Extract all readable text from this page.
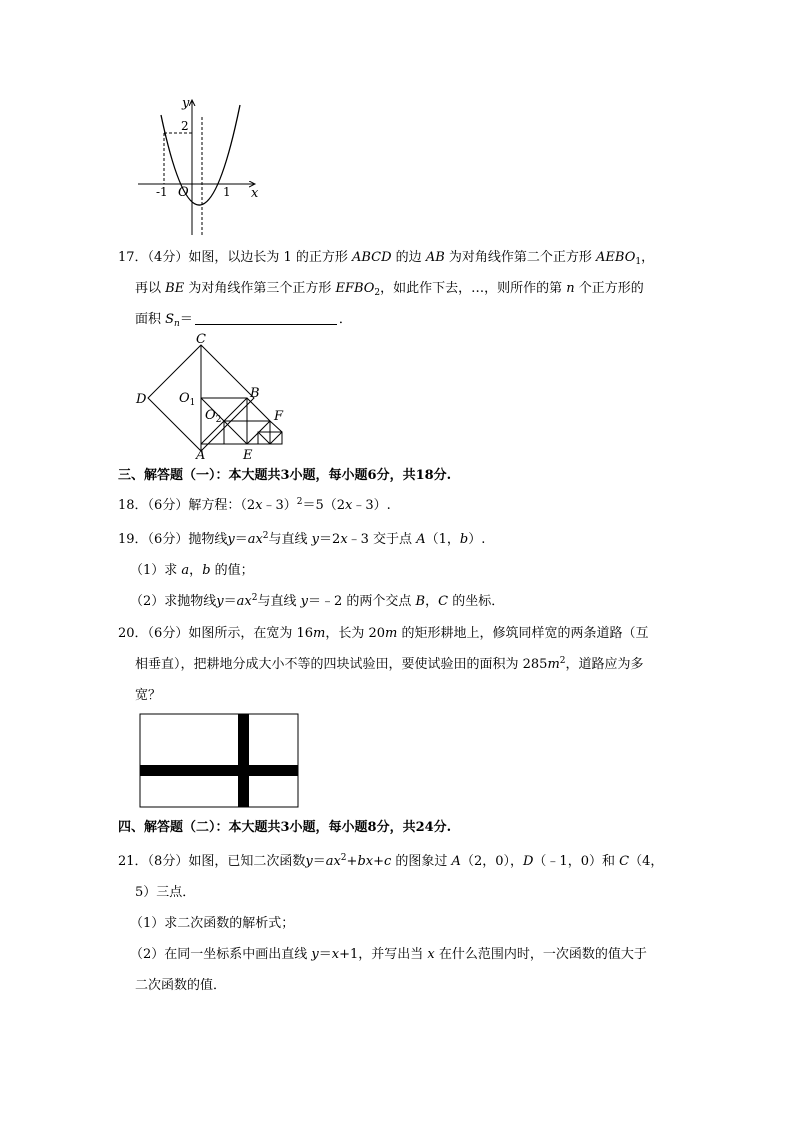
y
x
O
2
-1	1
17．（4分）如图，以边长为 1 的正方形 ABCD 的边 AB 为对角线作第二个正方形 $AEBO_1$，
再以 BE 为对角线作第三个正方形 $EFBO_2$，如此作下去，…，则所作的第 n 个正方形的
面积 $S_n=$	．
C
D	$O_1$
B
$O_2$	F
A	E
三、解答题（一）：本大题共3小题，每小题6分，共18分.
18．（6分）解方程：（2x﹣3）$^2$＝5（2x﹣3）.
19．（6分）抛物线$y=ax^2$与直线 y＝2x﹣3 交于点 A（1，b）.
（1）求 a，b 的值；
（2）求抛物线$y=ax^2$与直线 y＝﹣2 的两个交点 B，C 的坐标．
20．（6分）如图所示，在宽为 16m，长为 20m 的矩形耕地上，修筑同样宽的两条道路（互
相垂直），把耕地分成大小不等的四块试验田，要使试验田的面积为 $285m^2$，道路应为多
宽？
四、解答题（二）：本大题共3小题，每小题8分，共24分.
21．（8分）如图，已知二次函数$y=ax^2+bx+c$ 的图象过 A（2，0），D（﹣1，0）和 C（4，
5）三点．
（1）求二次函数的解析式；
（2）在同一坐标系中画出直线 y＝x+1，并写出当 x 在什么范围内时，一次函数的值大于
二次函数的值．
